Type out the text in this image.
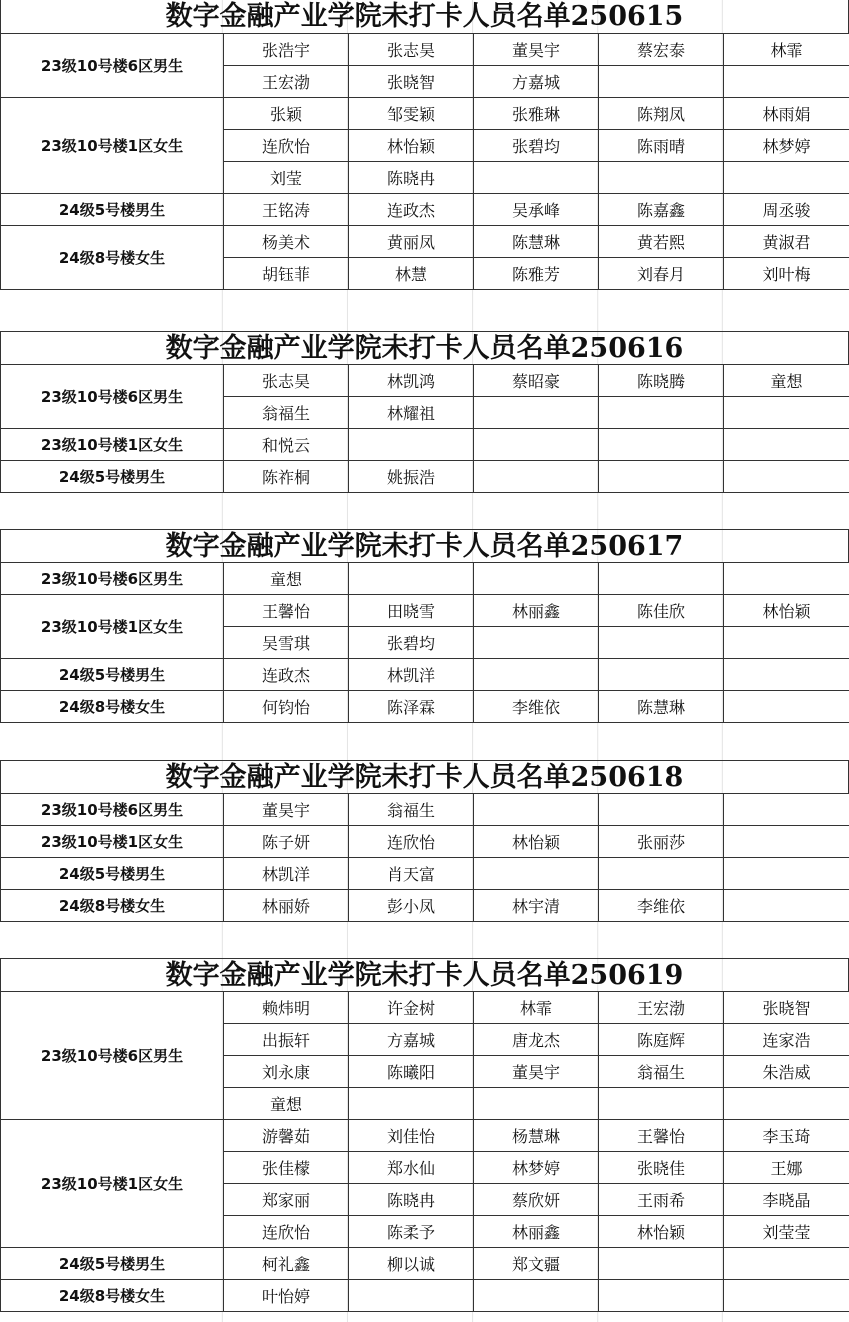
数字金融产业学院未打卡人员名单250615
23级10号楼6区男生	张浩宇	张志昊	董昊宇	蔡宏泰	林霏
	王宏渤	张晓智	方嘉城		
23级10号楼1区女生	张颖	邹雯颖	张雅琳	陈翔凤	林雨娟
	连欣怡	林怡颖	张碧均	陈雨晴	林梦婷
	刘莹	陈晓冉			
24级5号楼男生	王铭涛	连政杰	吴承峰	陈嘉鑫	周丞骏
24级8号楼女生	杨美术	黄丽凤	陈慧琳	黄若熙	黄淑君
	胡钰菲	林慧	陈雅芳	刘春月	刘叶梅
数字金融产业学院未打卡人员名单250616
23级10号楼6区男生	张志昊	林凯鸿	蔡昭豪	陈晓腾	童想
	翁福生	林耀祖			
23级10号楼1区女生	和悦云				
24级5号楼男生	陈祚桐	姚振浩			
数字金融产业学院未打卡人员名单250617
23级10号楼6区男生	童想				
23级10号楼1区女生	王馨怡	田晓雪	林丽鑫	陈佳欣	林怡颖
	吴雪琪	张碧均			
24级5号楼男生	连政杰	林凯洋			
24级8号楼女生	何钧怡	陈泽霖	李维依	陈慧琳	
数字金融产业学院未打卡人员名单250618
23级10号楼6区男生	董昊宇	翁福生			
23级10号楼1区女生	陈子妍	连欣怡	林怡颖	张丽莎	
24级5号楼男生	林凯洋	肖天富			
24级8号楼女生	林丽娇	彭小凤	林宇清	李维依	
数字金融产业学院未打卡人员名单250619
23级10号楼6区男生	赖炜明	许金树	林霏	王宏渤	张晓智
	出振轩	方嘉城	唐龙杰	陈庭辉	连家浩
	刘永康	陈曦阳	董昊宇	翁福生	朱浩威
	童想				
23级10号楼1区女生	游馨茹	刘佳怡	杨慧琳	王馨怡	李玉琦
	张佳檬	郑水仙	林梦婷	张晓佳	王娜
	郑家丽	陈晓冉	蔡欣妍	王雨希	李晓晶
	连欣怡	陈柔予	林丽鑫	林怡颖	刘莹莹
24级5号楼男生	柯礼鑫	柳以诚	郑文疆		
24级8号楼女生	叶怡婷				
